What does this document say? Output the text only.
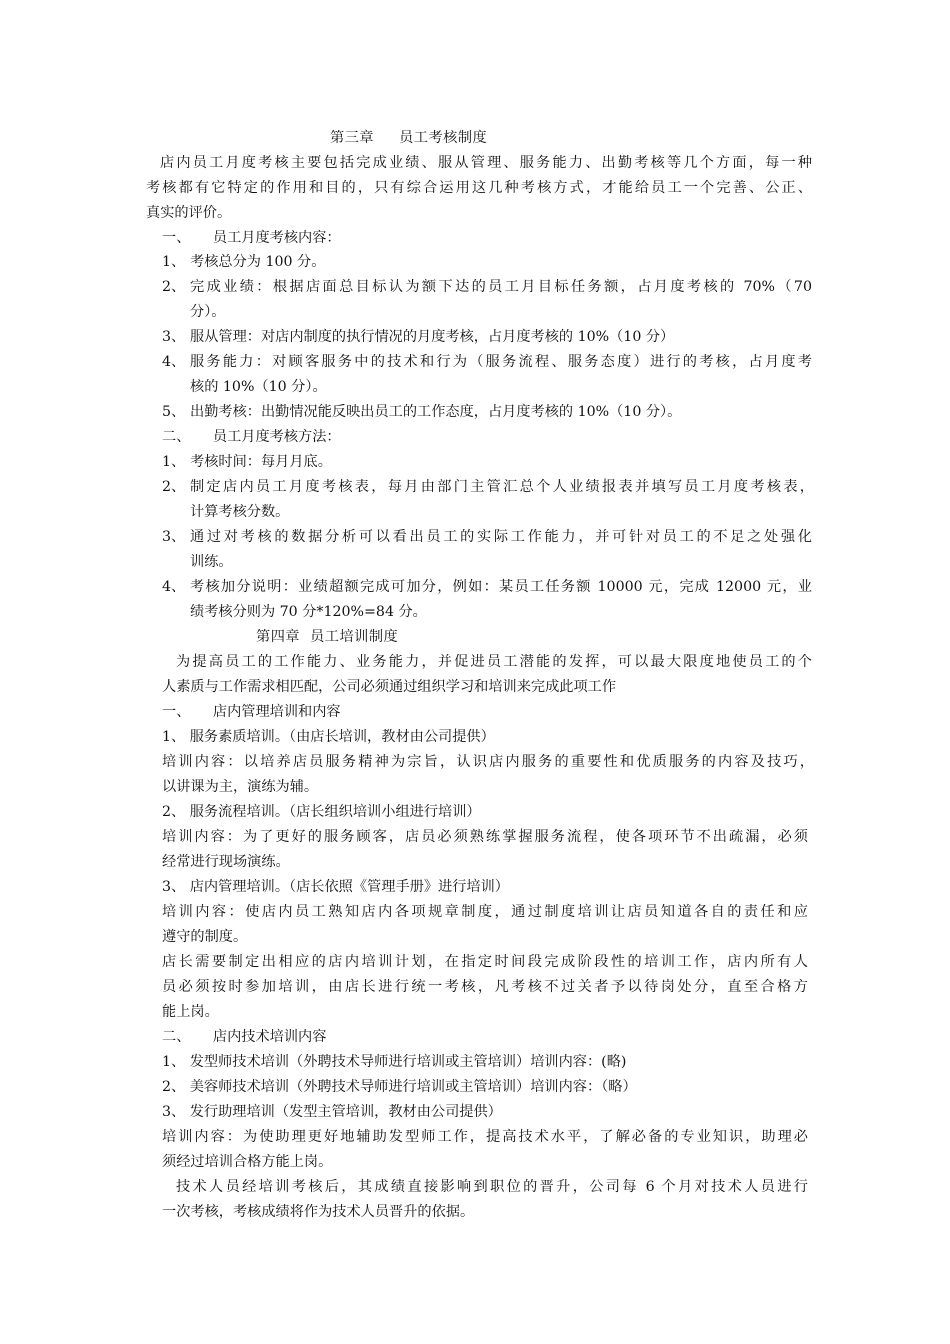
第三章     员工考核制度
店内员工月度考核主要包括完成业绩、服从管理、服务能力、出勤考核等几个方面，每一种
考核都有它特定的作用和目的，只有综合运用这几种考核方式，才能给员工一个完善、公正、
真实的评价。
一、     员工月度考核内容：
1、 考核总分为 100 分。
2、 完成业绩：根据店面总目标认为额下达的员工月目标任务额，占月度考核的 70%（70
分）。
3、 服从管理：对店内制度的执行情况的月度考核，占月度考核的 10%（10 分）
4、 服务能力：对顾客服务中的技术和行为（服务流程、服务态度）进行的考核，占月度考
核的 10%（10 分）。
5、 出勤考核：出勤情况能反映出员工的工作态度，占月度考核的 10%（10 分）。
二、     员工月度考核方法：
1、 考核时间：每月月底。
2、 制定店内员工月度考核表，每月由部门主管汇总个人业绩报表并填写员工月度考核表，
计算考核分数。
3、 通过对考核的数据分析可以看出员工的实际工作能力，并可针对员工的不足之处强化
训练。
4、 考核加分说明：业绩超额完成可加分，例如：某员工任务额 10000 元，完成 12000 元，业
绩考核分则为 70 分*120%=84 分。
第四章  员工培训制度
为提高员工的工作能力、业务能力，并促进员工潜能的发挥，可以最大限度地使员工的个
人素质与工作需求相匹配，公司必须通过组织学习和培训来完成此项工作
一、     店内管理培训和内容
1、 服务素质培训。（由店长培训，教材由公司提供）
培训内容：以培养店员服务精神为宗旨，认识店内服务的重要性和优质服务的内容及技巧，
以讲课为主，演练为辅。
2、 服务流程培训。（店长组织培训小组进行培训）
培训内容：为了更好的服务顾客，店员必须熟练掌握服务流程，使各项环节不出疏漏，必须
经常进行现场演练。
3、 店内管理培训。（店长依照《管理手册》进行培训）
培训内容：使店内员工熟知店内各项规章制度，通过制度培训让店员知道各自的责任和应
遵守的制度。
店长需要制定出相应的店内培训计划，在指定时间段完成阶段性的培训工作，店内所有人
员必须按时参加培训，由店长进行统一考核，凡考核不过关者予以待岗处分，直至合格方
能上岗。
二、     店内技术培训内容
1、 发型师技术培训（外聘技术导师进行培训或主管培训）培训内容：(略)
2、 美容师技术培训（外聘技术导师进行培训或主管培训）培训内容：（略）
3、 发行助理培训（发型主管培训，教材由公司提供）
培训内容：为使助理更好地辅助发型师工作，提高技术水平，了解必备的专业知识，助理必
须经过培训合格方能上岗。
技术人员经培训考核后，其成绩直接影响到职位的晋升，公司每 6 个月对技术人员进行
一次考核，考核成绩将作为技术人员晋升的依据。
